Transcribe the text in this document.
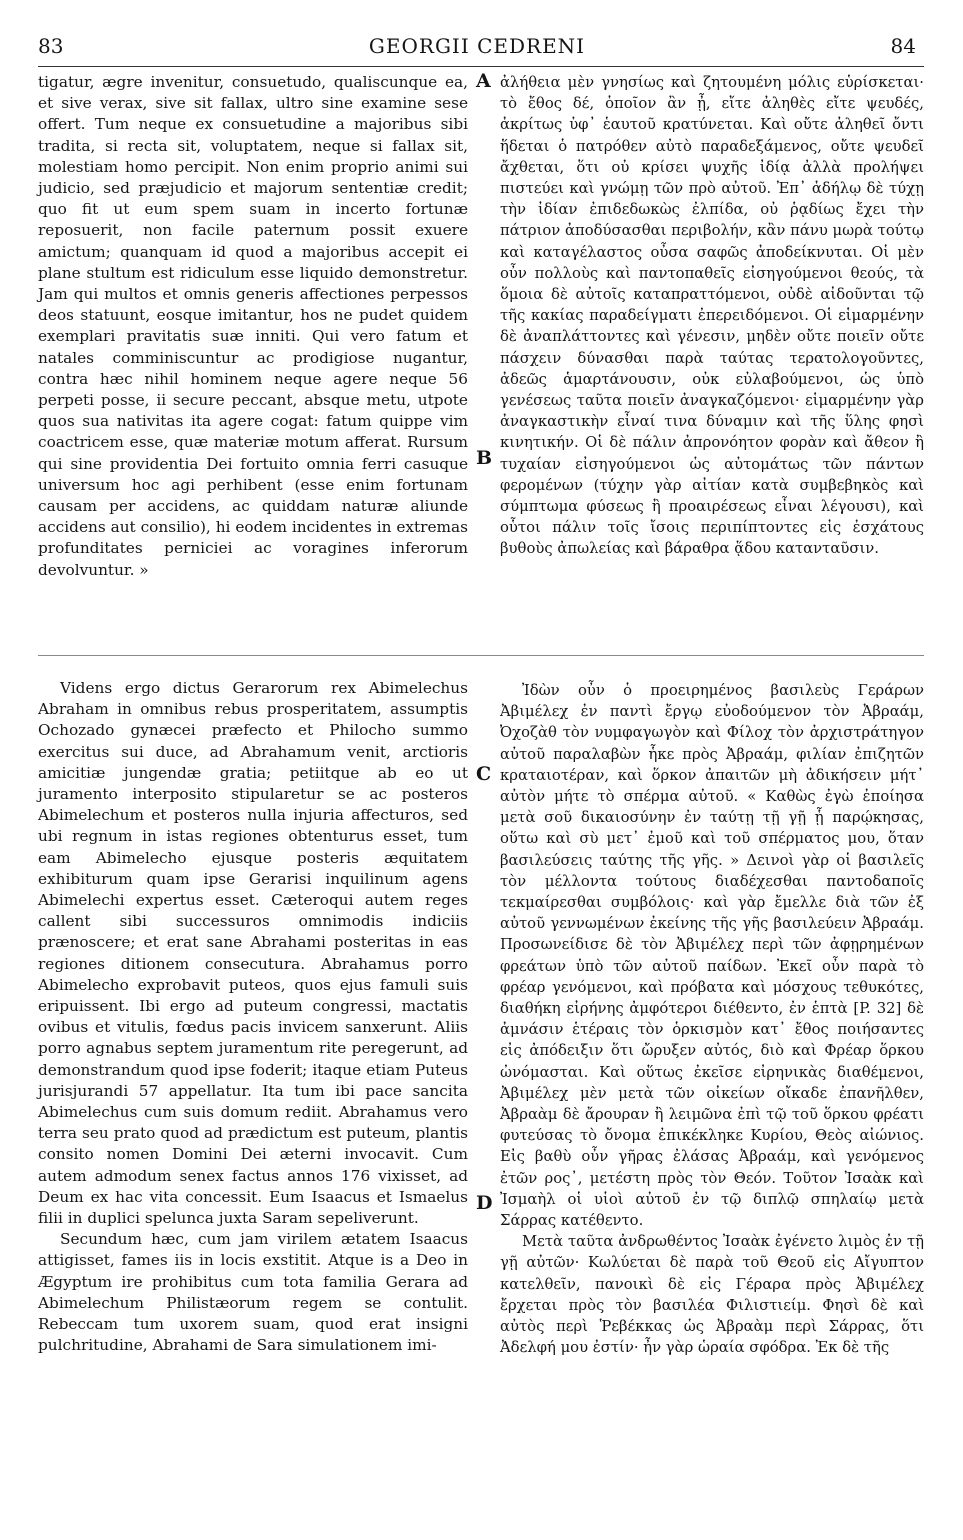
83	GEORGII CEDRENI	84

tigatur, ægre invenitur, consuetudo, qualiscunque ea, et sive verax, sive sit fallax, ultro sine examine sese offert. Tum neque ex consuetudine a majoribus sibi tradita, si recta sit, voluptatem, neque si fallax sit, molestiam homo percipit. Non enim proprio animi sui judicio, sed præjudicio et majorum sententiæ credit; quo fit ut eum spem suam in incerto fortunæ reposuerit, non facile paternum possit exuere amictum; quanquam id quod a majoribus accepit ei plane stultum est ridiculum esse liquido demonstretur. Jam qui multos et omnis generis affectiones perpessos deos statuunt, eosque imitantur, hos ne pudet quidem exemplari pravitatis suæ inniti. Qui vero fatum et natales comminiscuntur ac prodigiose nugantur, contra hæc nihil hominem neque agere neque 56 perpeti posse, ii secure peccant, absque metu, utpote quos sua nativitas ita agere cogat: fatum quippe vim coactricem esse, quæ materiæ motum afferat. Rursum qui sine providentia Dei fortuito omnia ferri casuque universum hoc agi perhibent (esse enim fortunam causam per accidens, ac quiddam naturæ aliunde accidens aut consilio), hi eodem incidentes in extremas profunditates perniciei ac voragines inferorum devolvuntur. »

ἀλήθεια μὲν γνησίως καὶ ζητουμένη μόλις εὑρίσκεται· τὸ ἔθος δέ, ὁποῖον ἂν ᾖ, εἴτε ἀληθὲς εἴτε ψευδές, ἀκρίτως ὑφ᾽ ἑαυτοῦ κρατύνεται. Καὶ οὔτε ἀληθεῖ ὄντι ἥδεται ὁ πατρόθεν αὐτὸ παραδεξάμενος, οὔτε ψευδεῖ ἄχθεται, ὅτι οὐ κρίσει ψυχῆς ἰδίᾳ ἀλλὰ προλήψει πιστεύει καὶ γνώμῃ τῶν πρὸ αὐτοῦ. Ἐπ᾽ ἀδήλῳ δὲ τύχῃ τὴν ἰδίαν ἐπιδεδωκὼς ἐλπίδα, οὐ ῥᾳδίως ἔχει τὴν πάτριον ἀποδύσασθαι περιβολήν, κἂν πάνυ μωρὰ τούτῳ καὶ καταγέλαστος οὖσα σαφῶς ἀποδείκνυται. Οἱ μὲν οὖν πολλοὺς καὶ παντοπαθεῖς εἰσηγούμενοι θεούς, τὰ ὅμοια δὲ αὐτοῖς καταπραττόμενοι, οὐδὲ αἰδοῦνται τῷ τῆς κακίας παραδείγματι ἐπερειδόμενοι. Οἱ εἱμαρμένην δὲ ἀναπλάττοντες καὶ γένεσιν, μηδὲν οὔτε ποιεῖν οὔτε πάσχειν δύνασθαι παρὰ ταύτας τερατολογοῦντες, ἀδεῶς ἁμαρτάνουσιν, οὐκ εὐλαβούμενοι, ὡς ὑπὸ γενέσεως ταῦτα ποιεῖν ἀναγκαζόμενοι· εἱμαρμένην γὰρ ἀναγκαστικὴν εἶναί τινα δύναμιν καὶ τῆς ὕλης φησὶ κινητικήν. Οἱ δὲ πάλιν ἀπρονόητον φορὰν καὶ ἄθεον ἢ τυχαίαν εἰσηγούμενοι ὡς αὐτομάτως τῶν πάντων φερομένων (τύχην γὰρ αἰτίαν κατὰ συμβεβηκὸς καὶ σύμπτωμα φύσεως ἢ προαιρέσεως εἶναι λέγουσι), καὶ οὗτοι πάλιν τοῖς ἴσοις περιπίπτοντες εἰς ἐσχάτους βυθοὺς ἀπωλείας καὶ βάραθρα ᾅδου κατανταῦσιν.

Videns ergo dictus Gerarorum rex Abimelechus Abraham in omnibus rebus prosperitatem, assumptis Ochozado gynæcei præfecto et Philocho summo exercitus sui duce, ad Abrahamum venit, arctioris amicitiæ jungendæ gratia; petiitque ab eo ut juramento interposito stipularetur se ac posteros Abimelechum et posteros nulla injuria affecturos, sed ubi regnum in istas regiones obtenturus esset, tum eam Abimelecho ejusque posteris æquitatem exhibiturum quam ipse Gerarisi inquilinum agens Abimelechi expertus esset. Cæteroqui autem reges callent sibi successuros omnimodis indiciis prænoscere; et erat sane Abrahami posteritas in eas regiones ditionem consecutura. Abrahamus porro Abimelecho exprobavit puteos, quos ejus famuli suis eripuissent. Ibi ergo ad puteum congressi, mactatis ovibus et vitulis, fœdus pacis invicem sanxerunt. Aliis porro agnabus septem juramentum rite peregerunt, ad demonstrandum quod ipse foderit; itaque etiam Puteus jurisjurandi 57 appellatur. Ita tum ibi pace sancita Abimelechus cum suis domum rediit. Abrahamus vero terra seu prato quod ad prædictum est puteum, plantis consito nomen Domini Dei æterni invocavit. Cum autem admodum senex factus annos 176 vixisset, ad Deum ex hac vita concessit. Eum Isaacus et Ismaelus filii in duplici spelunca juxta Saram sepeliverunt.

Secundum hæc, cum jam virilem ætatem Isaacus attigisset, fames iis in locis exstitit. Atque is a Deo in Ægyptum ire prohibitus cum tota familia Gerara ad Abimelechum Philistæorum regem se contulit. Rebeccam tum uxorem suam, quod erat insigni pulchritudine, Abrahami de Sara simulationem imi-

Ἰδὼν οὖν ὁ προειρημένος βασιλεὺς Γεράρων Ἀβιμέλεχ ἐν παντὶ ἔργῳ εὐοδούμενον τὸν Ἀβραάμ, Ὀχοζὰθ τὸν νυμφαγωγὸν καὶ Φίλοχ τὸν ἀρχιστράτηγον αὐτοῦ παραλαβὼν ἧκε πρὸς Ἀβραάμ, φιλίαν ἐπιζητῶν κραταιοτέραν, καὶ ὅρκον ἀπαιτῶν μὴ ἀδικήσειν μήτ᾽ αὐτὸν μήτε τὸ σπέρμα αὐτοῦ. « Καθὼς ἐγὼ ἐποίησα μετὰ σοῦ δικαιοσύνην ἐν ταύτῃ τῇ γῇ ᾗ παρῴκησας, οὕτω καὶ σὺ μετ᾽ ἐμοῦ καὶ τοῦ σπέρματος μου, ὅταν βασιλεύσεις ταύτης τῆς γῆς. » Δεινοὶ γὰρ οἱ βασιλεῖς τὸν μέλλοντα τούτους διαδέχεσθαι παντοδαποῖς τεκμαίρεσθαι συμβόλοις· καὶ γὰρ ἔμελλε διὰ τῶν ἐξ αὐτοῦ γεννωμένων ἐκείνης τῆς γῆς βασιλεύειν Ἀβραάμ. Προσωνείδισε δὲ τὸν Ἀβιμέλεχ περὶ τῶν ἀφῃρημένων φρεάτων ὑπὸ τῶν αὐτοῦ παίδων. Ἐκεῖ οὖν παρὰ τὸ φρέαρ γενόμενοι, καὶ πρόβατα καὶ μόσχους τεθυκότες, διαθήκη εἰρήνης ἀμφότεροι διέθεντο, ἐν ἑπτὰ [P. 32] δὲ ἀμνάσιν ἑτέραις τὸν ὁρκισμὸν κατ᾽ ἔθος ποιήσαντες εἰς ἀπόδειξιν ὅτι ὤρυξεν αὐτός, διὸ καὶ Φρέαρ ὅρκου ὠνόμασται. Καὶ οὕτως ἐκεῖσε εἰρηνικὰς διαθέμενοι, Ἀβιμέλεχ μὲν μετὰ τῶν οἰκείων οἴκαδε ἐπανῆλθεν, Ἀβραὰμ δὲ ἄρουραν ἢ λειμῶνα ἐπὶ τῷ τοῦ ὅρκου φρέατι φυτεύσας τὸ ὄνομα ἐπικέκληκε Κυρίου, Θεὸς αἰώνιος. Εἰς βαθὺ οὖν γῆρας ἐλάσας Ἀβραάμ, καὶ γενόμενος ἐτῶν ρος᾽, μετέστη πρὸς τὸν Θεόν. Τοῦτον Ἰσαὰκ καὶ Ἰσμαὴλ οἱ υἱοὶ αὐτοῦ ἐν τῷ διπλῷ σπηλαίῳ μετὰ Σάρρας κατέθεντο.

Μετὰ ταῦτα ἀνδρωθέντος Ἰσαὰκ ἐγένετο λιμὸς ἐν τῇ γῇ αὐτῶν· Κωλύεται δὲ παρὰ τοῦ Θεοῦ εἰς Αἴγυπτον κατελθεῖν, πανοικὶ δὲ εἰς Γέραρα πρὸς Ἀβιμέλεχ ἔρχεται πρὸς τὸν βασιλέα Φιλιστιείμ. Φησὶ δὲ καὶ αὐτὸς περὶ Ῥεβέκκας ὡς Ἀβραὰμ περὶ Σάρρας, ὅτι Ἀδελφή μου ἐστίν· ἦν γὰρ ὡραία σφόδρα. Ἐκ δὲ τῆς

A
B
C
D
